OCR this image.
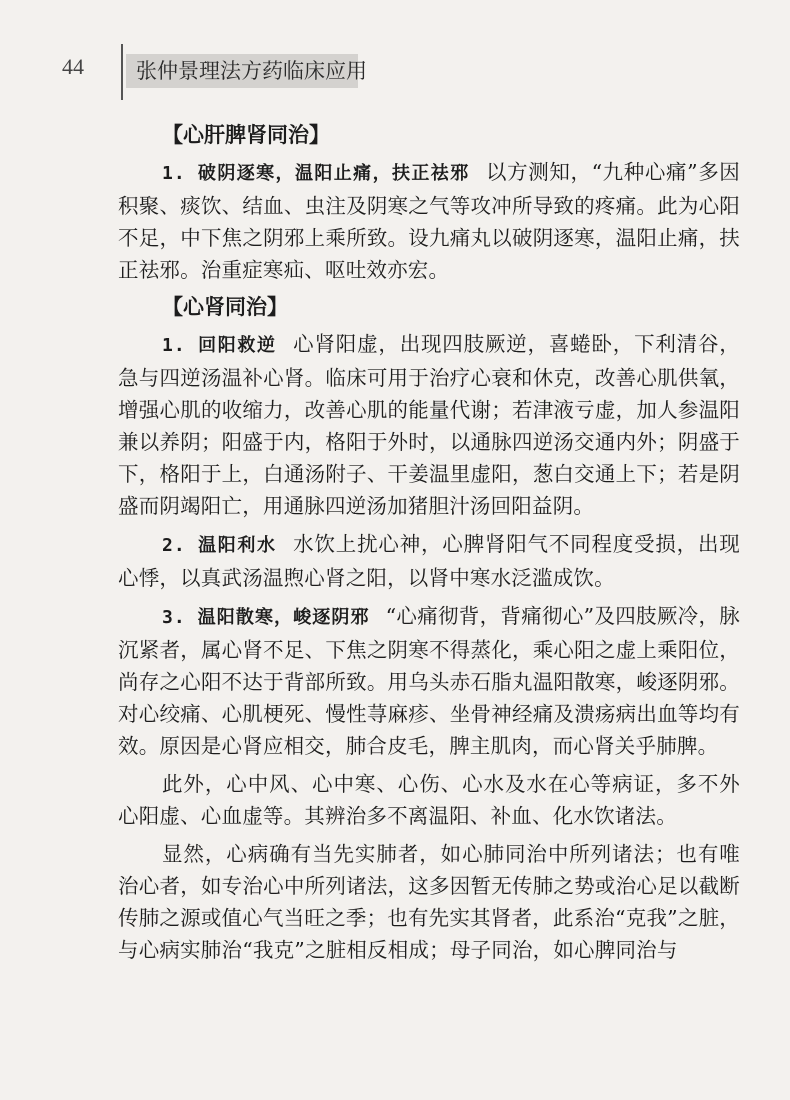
44	张仲景理法方药临床应用
【心肝脾肾同治】

1. 破阴逐寒，温阳止痛，扶正祛邪 以方测知，“九种心痛”多因积聚、痰饮、结血、虫注及阴寒之气等攻冲所导致的疼痛。此为心阳不足，中下焦之阴邪上乘所致。设九痛丸以破阴逐寒，温阳止痛，扶正祛邪。治重症寒疝、呕吐效亦宏。

【心肾同治】

1. 回阳救逆 心肾阳虚，出现四肢厥逆，喜蜷卧，下利清谷，急与四逆汤温补心肾。临床可用于治疗心衰和休克，改善心肌供氧，增强心肌的收缩力，改善心肌的能量代谢；若津液亏虚，加人参温阳兼以养阴；阳盛于内，格阳于外时，以通脉四逆汤交通内外；阴盛于下，格阳于上，白通汤附子、干姜温里虚阳，葱白交通上下；若是阴盛而阴竭阳亡，用通脉四逆汤加猪胆汁汤回阳益阴。

2. 温阳利水 水饮上扰心神，心脾肾阳气不同程度受损，出现心悸，以真武汤温煦心肾之阳，以肾中寒水泛滥成饮。

3. 温阳散寒，峻逐阴邪 “心痛彻背，背痛彻心”及四肢厥冷，脉沉紧者，属心肾不足、下焦之阴寒不得蒸化，乘心阳之虚上乘阳位，尚存之心阳不达于背部所致。用乌头赤石脂丸温阳散寒，峻逐阴邪。对心绞痛、心肌梗死、慢性荨麻疹、坐骨神经痛及溃疡病出血等均有效。原因是心肾应相交，肺合皮毛，脾主肌肉，而心肾关乎肺脾。

此外，心中风、心中寒、心伤、心水及水在心等病证，多不外心阳虚、心血虚等。其辨治多不离温阳、补血、化水饮诸法。

显然，心病确有当先实肺者，如心肺同治中所列诸法；也有唯治心者，如专治心中所列诸法，这多因暂无传肺之势或治心足以截断传肺之源或值心气当旺之季；也有先实其肾者，此系治“克我”之脏，与心病实肺治“我克”之脏相反相成；母子同治，如心脾同治与
